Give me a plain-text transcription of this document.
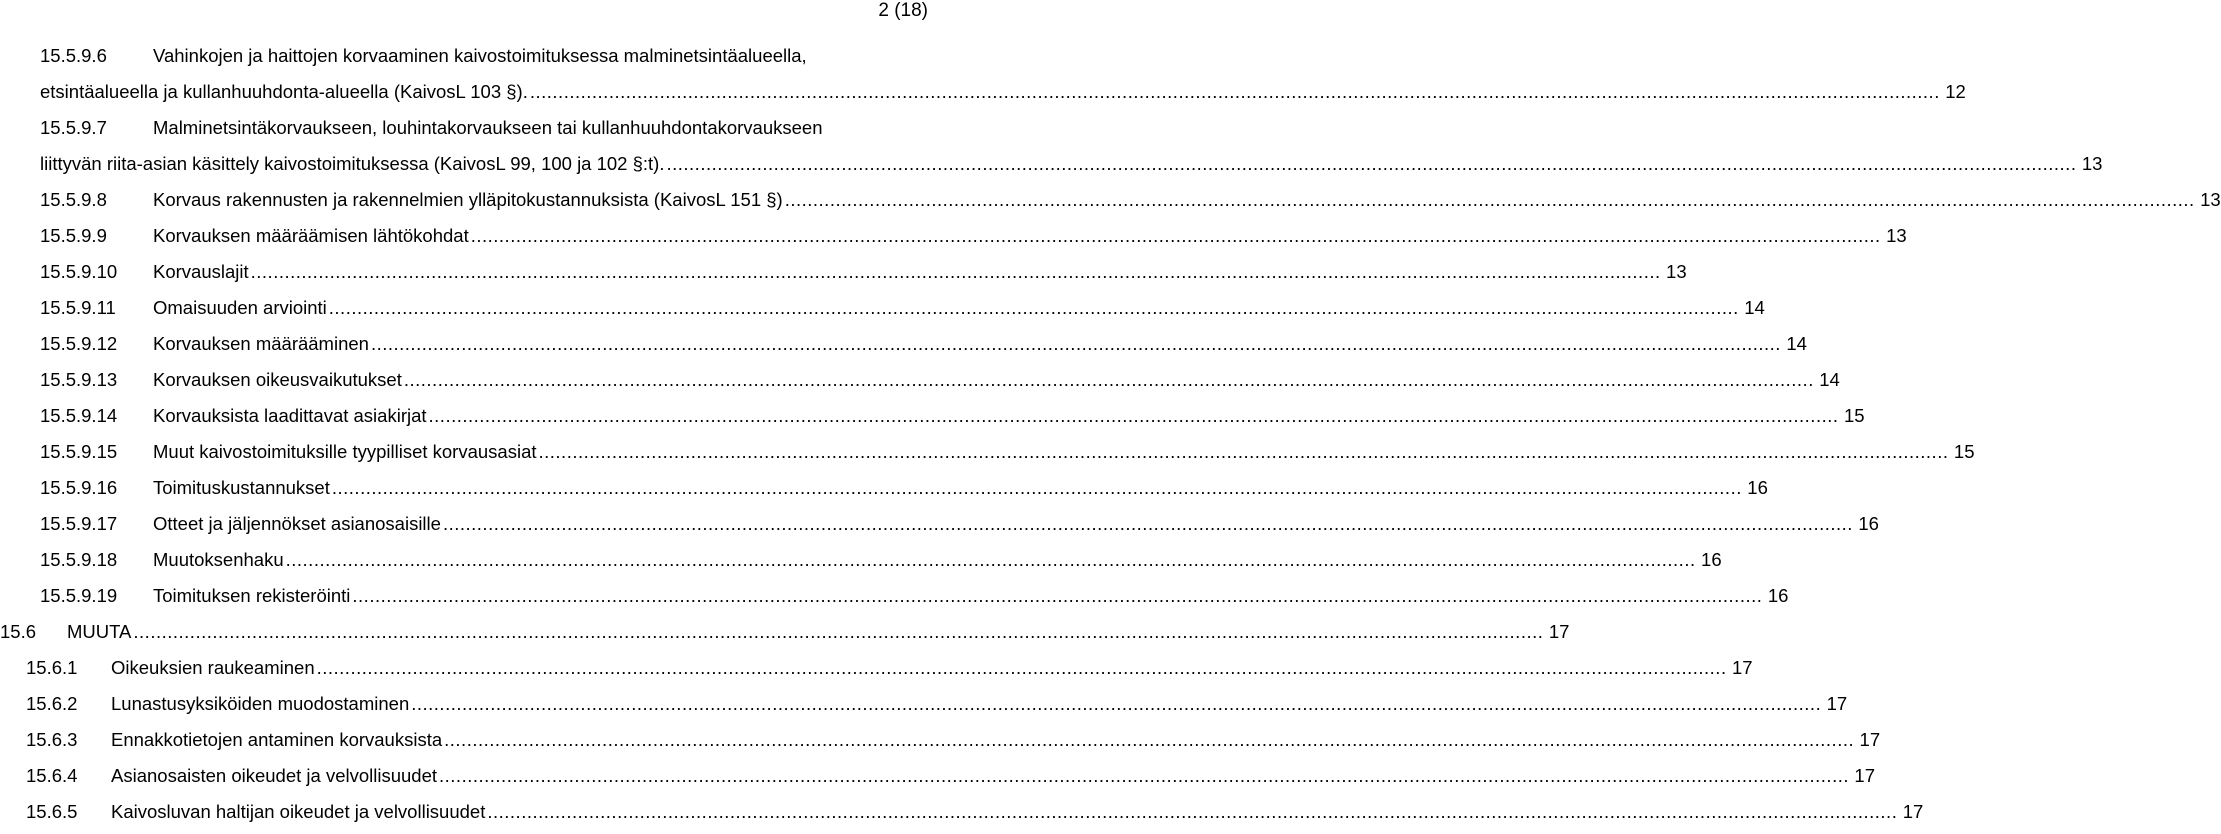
2 (18)
15.5.9.6 Vahinkojen ja haittojen korvaaminen kaivostoimituksessa malminetsintäalueella,
etsintäalueella ja kullanhuuhdonta-alueella (KaivosL 103 §). .....	12
15.5.9.7 Malminetsintäkorvaukseen, louhintakorvaukseen tai kullanhuuhdontakorvaukseen
liittyvän riita-asian käsittely kaivostoimituksessa (KaivosL 99, 100 ja 102 §:t). .....	13
15.5.9.8 Korvaus rakennusten ja rakennelmien ylläpitokustannuksista (KaivosL 151 §) .....	13
15.5.9.9 Korvauksen määräämisen lähtökohdat .....	13
15.5.9.10 Korvauslajit .....	13
15.5.9.11 Omaisuuden arviointi .....	14
15.5.9.12 Korvauksen määrääminen .....	14
15.5.9.13 Korvauksen oikeusvaikutukset .....	14
15.5.9.14 Korvauksista laadittavat asiakirjat .....	15
15.5.9.15 Muut kaivostoimituksille tyypilliset korvausasiat .....	15
15.5.9.16 Toimituskustannukset .....	16
15.5.9.17 Otteet ja jäljennökset asianosaisille .....	16
15.5.9.18 Muutoksenhaku .....	16
15.5.9.19 Toimituksen rekisteröinti .....	16
15.6 MUUTA .....	17
15.6.1 Oikeuksien raukeaminen .....	17
15.6.2 Lunastusyksiköiden muodostaminen .....	17
15.6.3 Ennakkotietojen antaminen korvauksista .....	17
15.6.4 Asianosaisten oikeudet ja velvollisuudet .....	17
15.6.5 Kaivosluvan haltijan oikeudet ja velvollisuudet .....	17
